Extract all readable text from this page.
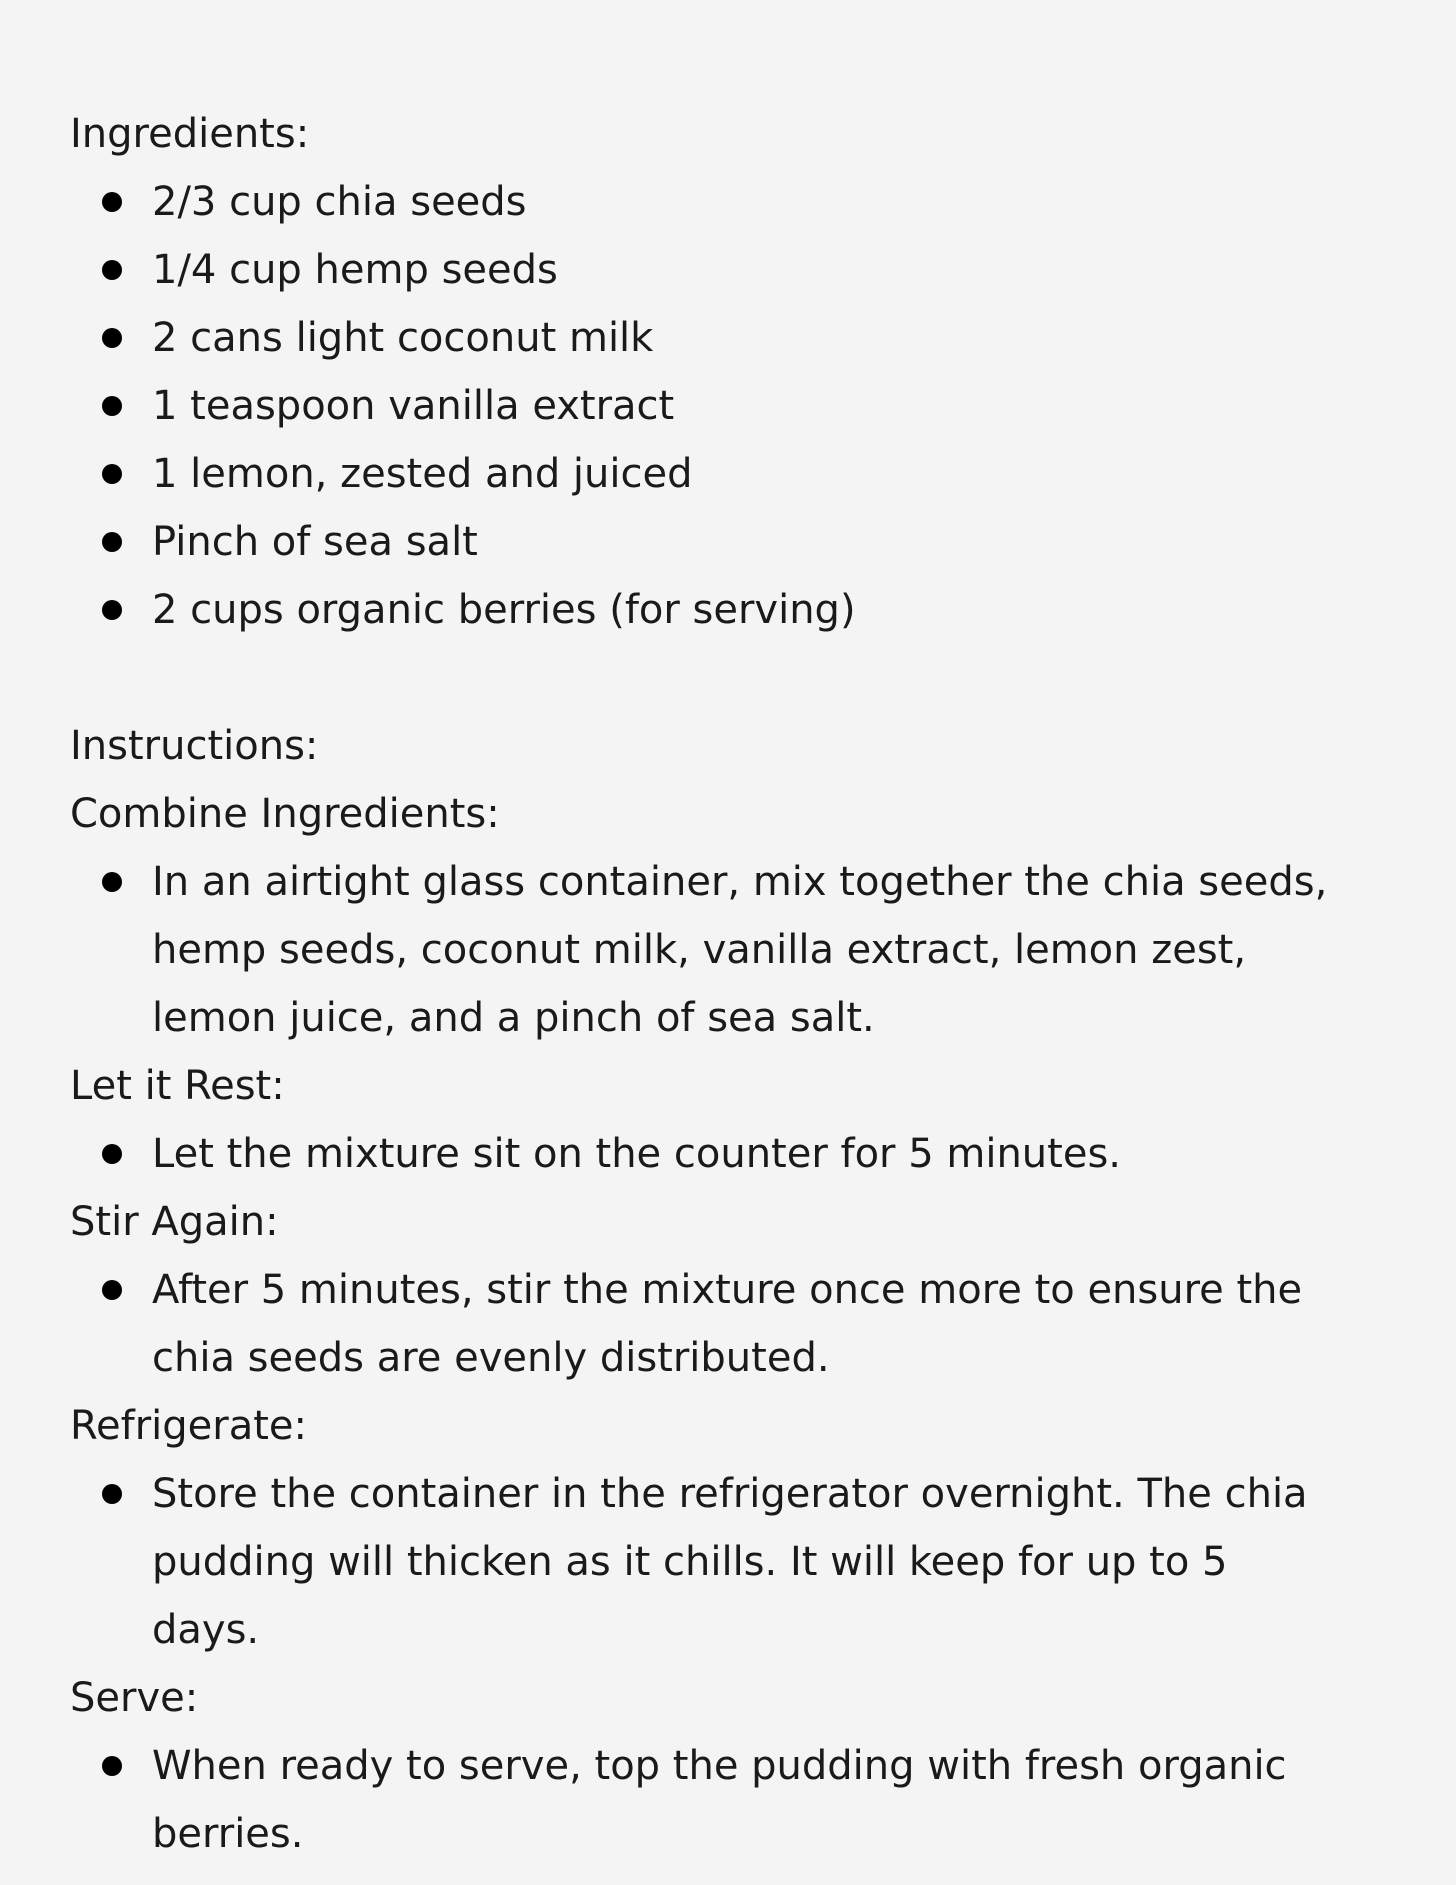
Ingredients:
2/3 cup chia seeds
1/4 cup hemp seeds
2 cans light coconut milk
1 teaspoon vanilla extract
1 lemon, zested and juiced
Pinch of sea salt
2 cups organic berries (for serving)
Instructions:
Combine Ingredients:
In an airtight glass container, mix together the chia seeds,
hemp seeds, coconut milk, vanilla extract, lemon zest,
lemon juice, and a pinch of sea salt.
Let it Rest:
Let the mixture sit on the counter for 5 minutes.
Stir Again:
After 5 minutes, stir the mixture once more to ensure the
chia seeds are evenly distributed.
Refrigerate:
Store the container in the refrigerator overnight. The chia
pudding will thicken as it chills. It will keep for up to 5
days.
Serve:
When ready to serve, top the pudding with fresh organic
berries.
